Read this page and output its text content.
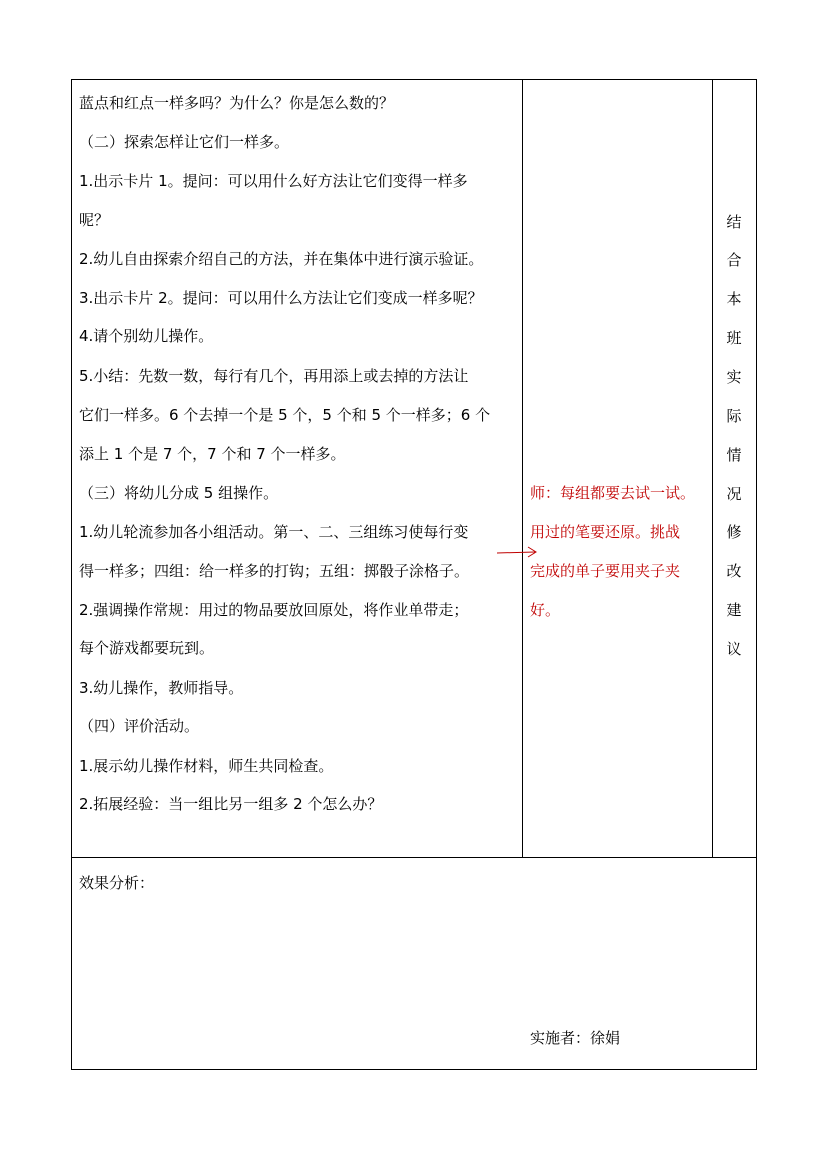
蓝点和红点一样多吗？为什么？你是怎么数的？
（二）探索怎样让它们一样多。
1.出示卡片 1。提问：可以用什么好方法让它们变得一样多
呢？
2.幼儿自由探索介绍自己的方法，并在集体中进行演示验证。
3.出示卡片 2。提问：可以用什么方法让它们变成一样多呢？
4.请个别幼儿操作。
5.小结：先数一数，每行有几个，再用添上或去掉的方法让
它们一样多。6 个去掉一个是 5 个，5 个和 5 个一样多；6 个
添上 1 个是 7 个，7 个和 7 个一样多。
（三）将幼儿分成 5 组操作。
1.幼儿轮流参加各小组活动。第一、二、三组练习使每行变
得一样多；四组：给一样多的打钩；五组：掷骰子涂格子。
2.强调操作常规：用过的物品要放回原处，将作业单带走；
每个游戏都要玩到。
3.幼儿操作，教师指导。
（四）评价活动。
1.展示幼儿操作材料，师生共同检查。
2.拓展经验：当一组比另一组多 2 个怎么办？
师：每组都要去试一试。
用过的笔要还原。挑战
完成的单子要用夹子夹
好。
结
合
本
班
实
际
情
况
修
改
建
议
效果分析：
实施者：徐娟
